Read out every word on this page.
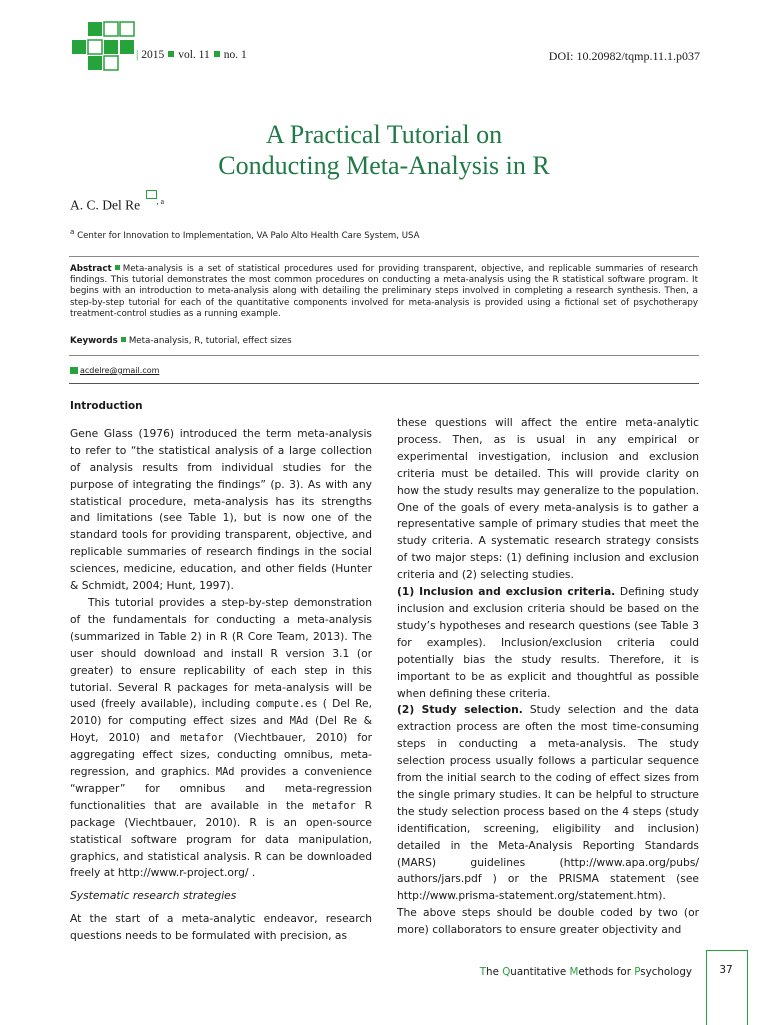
| 2015 vol. 11 no. 1	DOI: 10.20982/tqmp.11.1.p037
A Practical Tutorial on
Conducting Meta-Analysis in R
A. C. Del Re $^{, a}$
$^a$ Center for Innovation to Implementation, VA Palo Alto Health Care System, USA
Abstract Meta-analysis is a set of statistical procedures used for providing transparent, objective, and replicable summaries of research findings. This tutorial demonstrates the most common procedures on conducting a meta-analysis using the R statistical software program. It begins with an introduction to meta-analysis along with detailing the preliminary steps involved in completing a research synthesis. Then, a step-by-step tutorial for each of the quantitative components involved for meta-analysis is provided using a fictional set of psychotherapy treatment-control studies as a running example.
Keywords Meta-analysis, R, tutorial, effect sizes
acdelre@gmail.com

Introduction

Gene Glass (1976) introduced the term meta-analysis to refer to “the statistical analysis of a large collection of analysis results from individual studies for the purpose of integrating the findings” (p. 3). As with any statistical procedure, meta-analysis has its strengths and limitations (see Table 1), but is now one of the standard tools for providing transparent, objective, and replicable summaries of research findings in the social sciences, medicine, education, and other fields (Hunter & Schmidt, 2004; Hunt, 1997).

This tutorial provides a step-by-step demonstration of the fundamentals for conducting a meta-analysis (summarized in Table 2) in R (R Core Team, 2013). The user should download and install R version 3.1 (or greater) to ensure replicability of each step in this tutorial. Several R packages for meta-analysis will be used (freely available), including compute.es ( Del Re, 2010) for computing effect sizes and MAd (Del Re & Hoyt, 2010) and metafor (Viechtbauer, 2010) for aggregating effect sizes, conducting omnibus, meta-regression, and graphics. MAd provides a convenience “wrapper” for omnibus and meta-regression functionalities that are available in the metafor R package (Viechtbauer, 2010). R is an open-source statistical software program for data manipulation, graphics, and statistical analysis. R can be downloaded freely at http://www.r-project.org/ .

Systematic research strategies

At the start of a meta-analytic endeavor, research questions needs to be formulated with precision, as

these questions will affect the entire meta-analytic process. Then, as is usual in any empirical or experimental investigation, inclusion and exclusion criteria must be detailed. This will provide clarity on how the study results may generalize to the population. One of the goals of every meta-analysis is to gather a representative sample of primary studies that meet the study criteria. A systematic research strategy consists of two major steps: (1) defining inclusion and exclusion criteria and (2) selecting studies.

(1) Inclusion and exclusion criteria. Defining study inclusion and exclusion criteria should be based on the study’s hypotheses and research questions (see Table 3 for examples). Inclusion/exclusion criteria could potentially bias the study results. Therefore, it is important to be as explicit and thoughtful as possible when defining these criteria.

(2) Study selection. Study selection and the data extraction process are often the most time-consuming steps in conducting a meta-analysis. The study selection process usually follows a particular sequence from the initial search to the coding of effect sizes from the single primary studies. It can be helpful to structure the study selection process based on the 4 steps (study identification, screening, eligibility and inclusion) detailed in the Meta-Analysis Reporting Standards (MARS) guidelines (http://www.apa.org/pubs/ authors/jars.pdf ) or the PRISMA statement (see http://www.prisma-statement.org/statement.htm).

The above steps should be double coded by two (or more) collaborators to ensure greater objectivity and

The Quantitative Methods for Psychology	37
